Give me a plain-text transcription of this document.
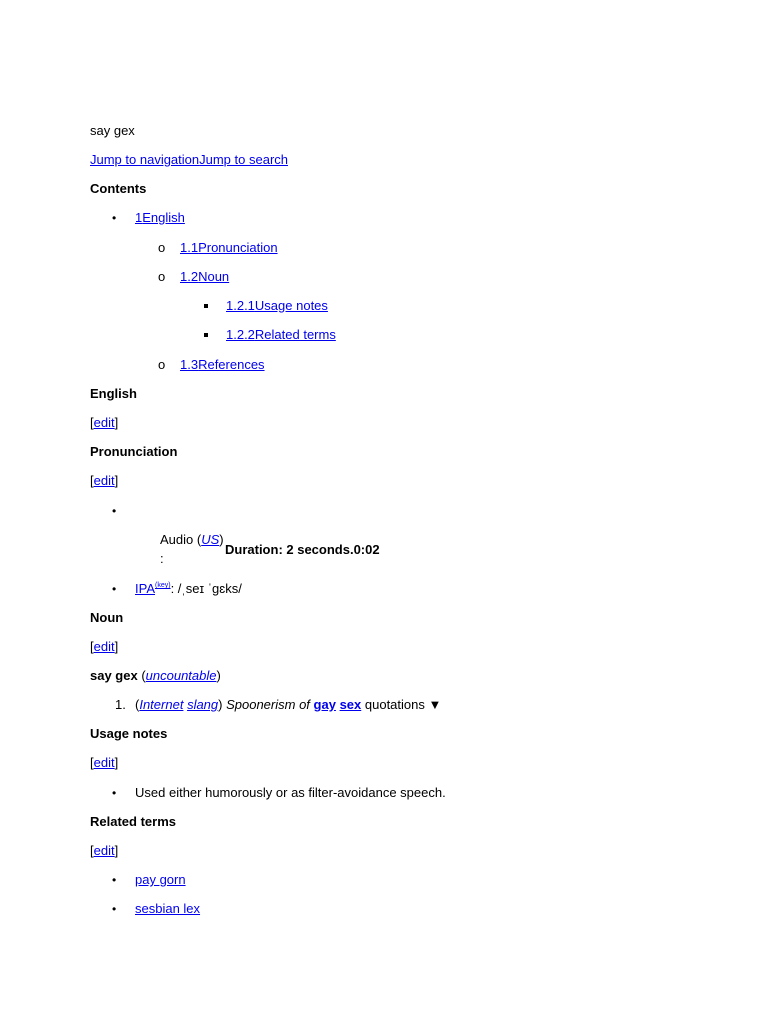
say gex
Jump to navigationJump to search
Contents
• 1English
o 1.1Pronunciation
o 1.2Noun
1.2.1Usage notes
1.2.2Related terms
o 1.3References
English
[edit]
Pronunciation
[edit]
•
Audio (US)
:
Duration: 2 seconds.0:02
• IPA$^{(key)}$: /ˌseɪ ˈɡɛks/
Noun
[edit]
say gex (uncountable)
1. (Internet slang) Spoonerism of gay sex quotations ▼
Usage notes
[edit]
• Used either humorously or as filter-avoidance speech.
Related terms
[edit]
• pay gorn
• sesbian lex
